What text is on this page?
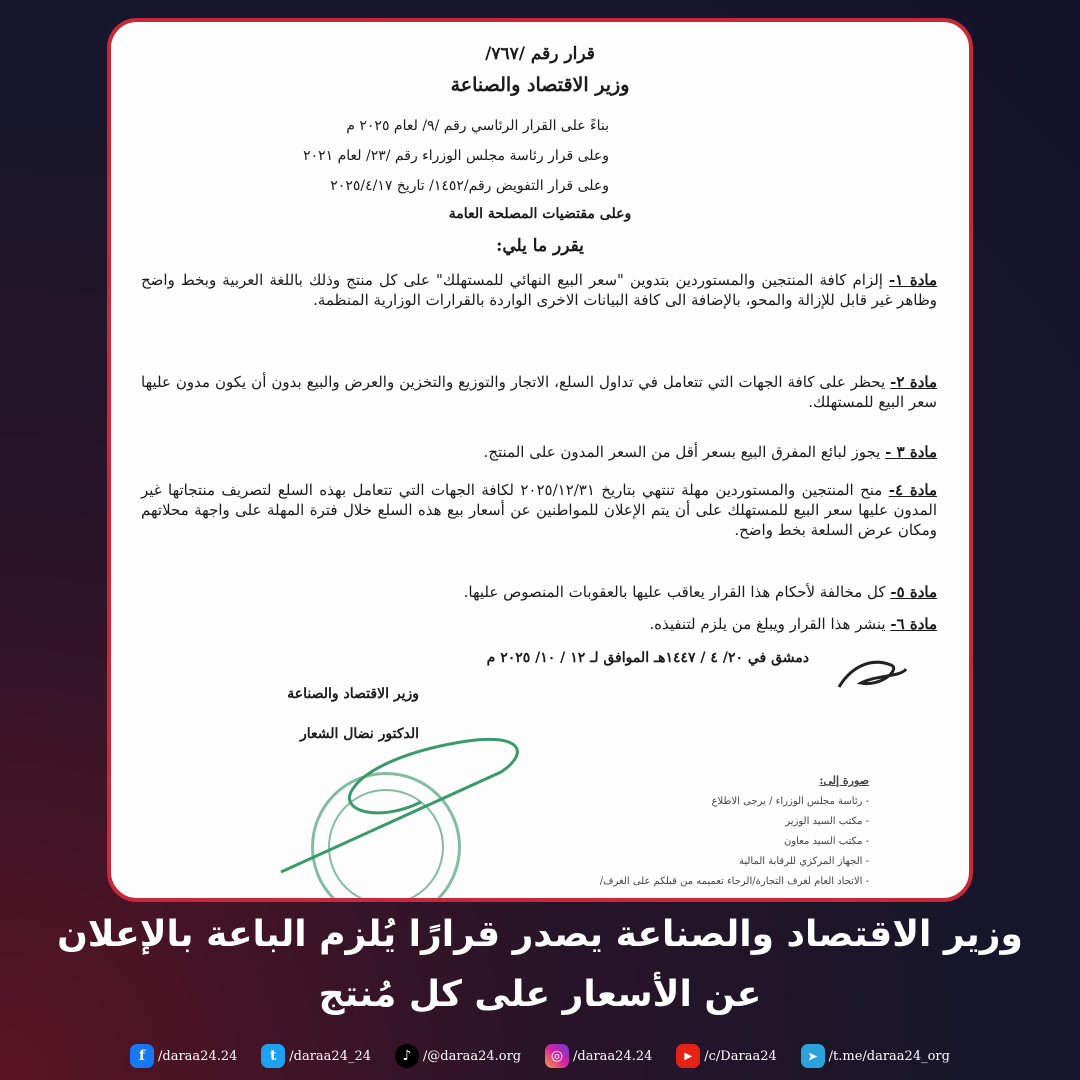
قرار رقم /٧٦٧/
وزير الاقتصاد والصناعة
بناءً على القرار الرئاسي رقم /٩/ لعام ٢٠٢٥ م
وعلى قرار رئاسة مجلس الوزراء رقم /٢٣/ لعام ٢٠٢١
وعلى قرار التفويض رقم/١٤٥٢/ تاريخ ٢٠٢٥/٤/١٧
وعلى مقتضيات المصلحة العامة
يقرر ما يلي:
مادة ١- إلزام كافة المنتجين والمستوردين بتدوين "سعر البيع النهائي للمستهلك" على كل منتج وذلك باللغة العربية وبخط واضح وظاهر غير قابل للإزالة والمحو، بالإضافة الى كافة البيانات الاخرى الواردة بالقرارات الوزارية المنظمة.
مادة ٢- يحظر على كافة الجهات التي تتعامل في تداول السلع، الاتجار والتوزيع والتخزين والعرض والبيع بدون أن يكون مدون عليها سعر البيع للمستهلك.
مادة ٣ - يجوز لبائع المفرق البيع بسعر أقل من السعر المدون على المنتج.
مادة ٤- منح المنتجين والمستوردين مهلة تنتهي بتاريخ ٢٠٢٥/١٢/٣١ لكافة الجهات التي تتعامل بهذه السلع لتصريف منتجاتها غير المدون عليها سعر البيع للمستهلك على أن يتم الإعلان للمواطنين عن أسعار بيع هذه السلع خلال فترة المهلة على واجهة محلاتهم ومكان عرض السلعة بخط واضح.
مادة ٥- كل مخالفة لأحكام هذا القرار يعاقب عليها بالعقوبات المنصوص عليها.
مادة ٦- ينشر هذا القرار ويبلغ من يلزم لتنفيذه.
دمشق في ٢٠/ ٤ / ١٤٤٧هـ الموافق لـ ١٢ / ١٠/ ٢٠٢٥ م
وزير الاقتصاد والصناعة
الدكتور نضال الشعار
صورة إلى:
- رئاسة مجلس الوزراء / يرجى الاطلاع
- مكتب السيد الوزير
- مكتب السيد معاون
- الجهاز المركزي للرقابة المالية
- الاتحاد العام لغرف التجارة/الرجاء تعميمه من قبلكم على الغرف/
وزير الاقتصاد والصناعة يصدر قرارًا يُلزم الباعة بالإعلان
عن الأسعار على كل مُنتج
f /daraa24.24	t /daraa24_24	♪ /@daraa24.org	◎ /daraa24.24	▶ /c/Daraa24	➤ /t.me/daraa24_org
